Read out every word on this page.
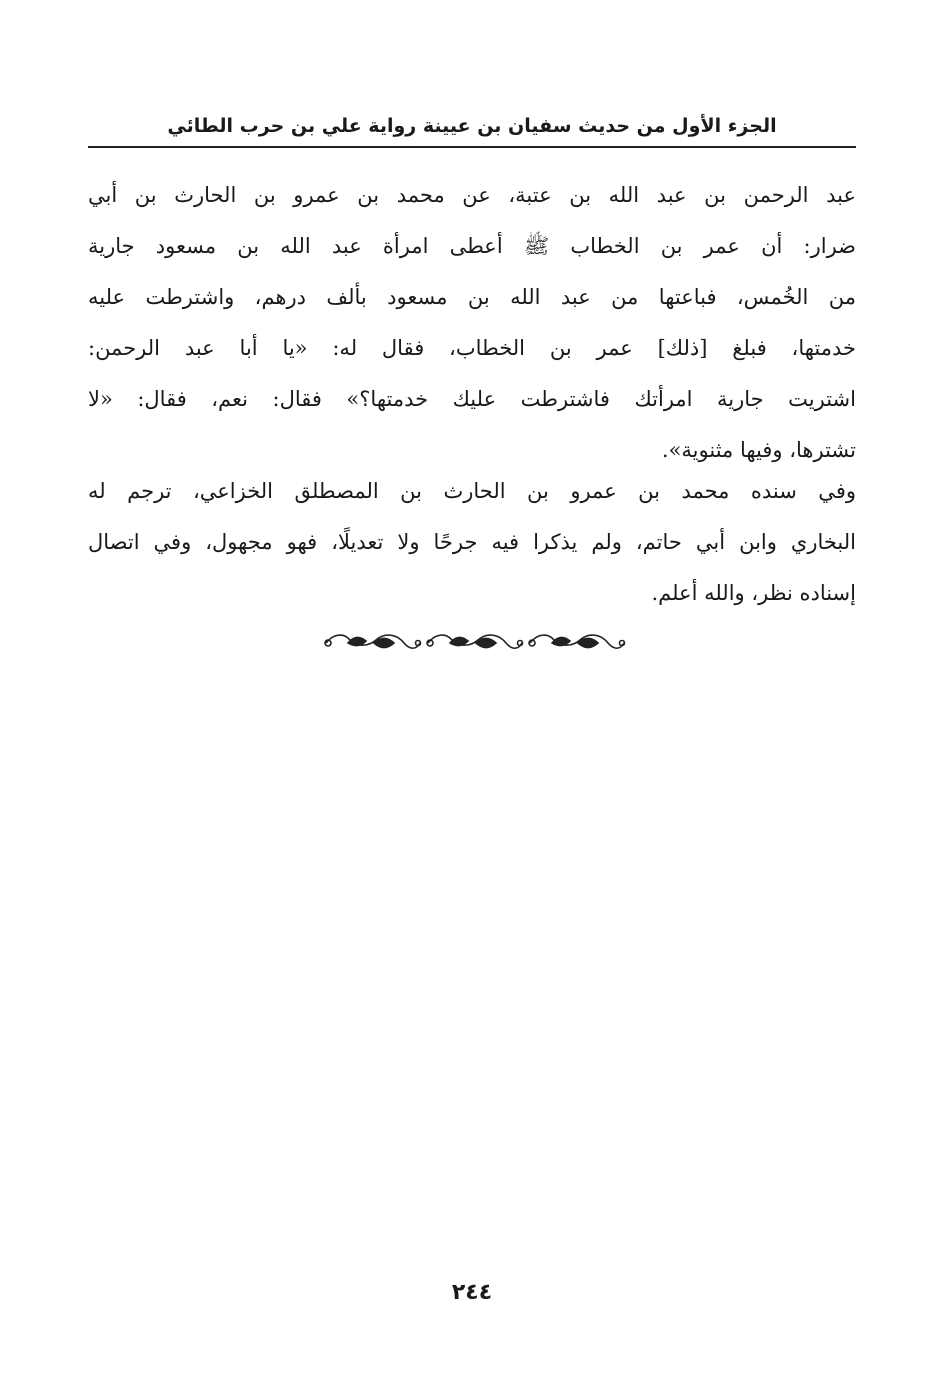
الجزء الأول من حديث سفيان بن عيينة رواية علي بن حرب الطائي
عبد الرحمن بن عبد الله بن عتبة، عن محمد بن عمرو بن الحارث بن أبي
ضرار: أن عمر بن الخطاب ﷺ أعطى امرأة عبد الله بن مسعود جارية
من الخُمس، فباعتها من عبد الله بن مسعود بألف درهم، واشترطت عليه
خدمتها، فبلغ [ذلك] عمر بن الخطاب، فقال له: «يا أبا عبد الرحمن:
اشتريت جارية امرأتك فاشترطت عليك خدمتها؟» فقال: نعم، فقال: «لا
تشترها، وفيها مثنوية».
وفي سنده محمد بن عمرو بن الحارث بن المصطلق الخزاعي، ترجم له
البخاري وابن أبي حاتم، ولم يذكرا فيه جرحًا ولا تعديلًا، فهو مجهول، وفي اتصال
إسناده نظر، والله أعلم.
٢٤٤
